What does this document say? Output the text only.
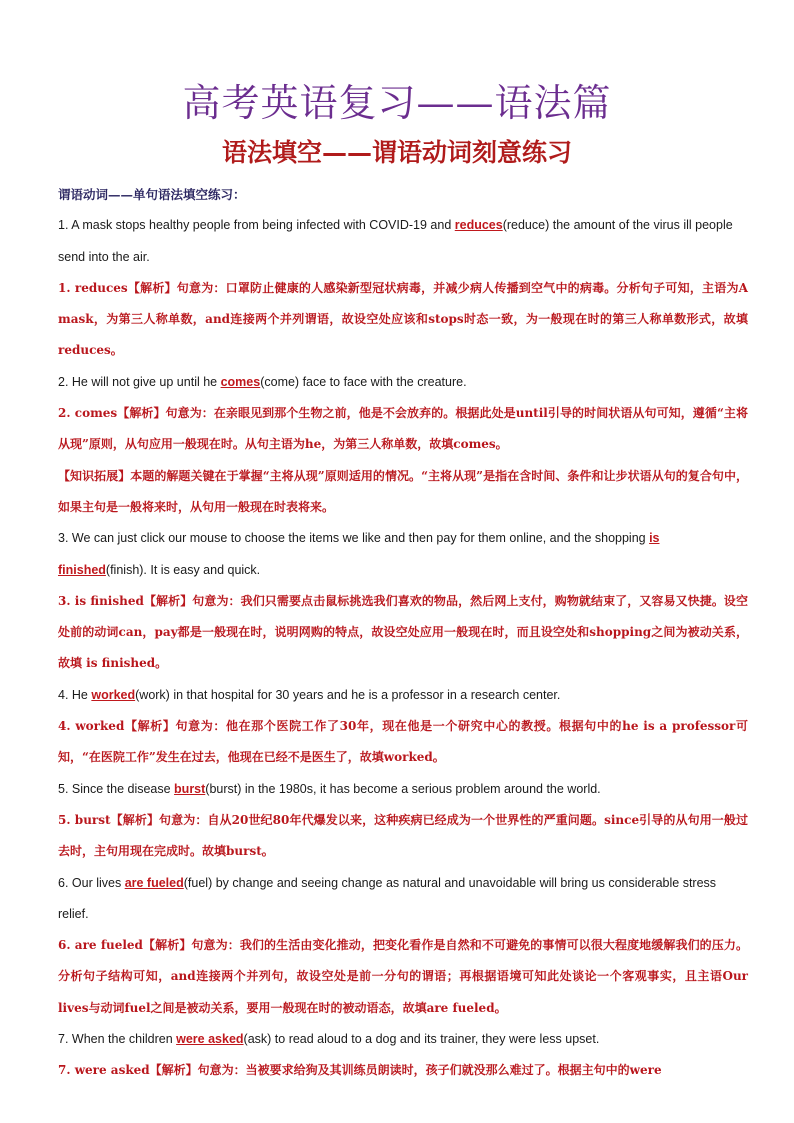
高考英语复习——语法篇
语法填空——谓语动词刻意练习

谓语动词——单句语法填空练习：

1. A mask stops healthy people from being infected with COVID-19 and reduces(reduce) the amount of the virus ill people send into the air.

1. reduces【解析】句意为：口罩防止健康的人感染新型冠状病毒，并减少病人传播到空气中的病毒。分析句子可知，主语为A mask，为第三人称单数，and连接两个并列谓语，故设空处应该和stops时态一致，为一般现在时的第三人称单数形式，故填reduces。

2. He will not give up until he comes(come) face to face with the creature.

2. comes【解析】句意为：在亲眼见到那个生物之前，他是不会放弃的。根据此处是until引导的时间状语从句可知，遵循“主将从现”原则，从句应用一般现在时。从句主语为he，为第三人称单数，故填comes。

【知识拓展】本题的解题关键在于掌握“主将从现”原则适用的情况。“主将从现”是指在含时间、条件和让步状语从句的复合句中，如果主句是一般将来时，从句用一般现在时表将来。

3. We can just click our mouse to choose the items we like and then pay for them online, and the shopping is finished(finish). It is easy and quick.

3. is finished【解析】句意为：我们只需要点击鼠标挑选我们喜欢的物品，然后网上支付，购物就结束了，又容易又快捷。设空处前的动词can，pay都是一般现在时，说明网购的特点，故设空处应用一般现在时，而且设空处和shopping之间为被动关系，故填 is finished。

4. He worked(work) in that hospital for 30 years and he is a professor in a research center.

4. worked【解析】句意为：他在那个医院工作了30年，现在他是一个研究中心的教授。根据句中的he is a professor可知，“在医院工作”发生在过去，他现在已经不是医生了，故填worked。

5. Since the disease burst(burst) in the 1980s, it has become a serious problem around the world.

5. burst【解析】句意为：自从20世纪80年代爆发以来，这种疾病已经成为一个世界性的严重问题。since引导的从句用一般过去时，主句用现在完成时。故填burst。

6. Our lives are fueled(fuel) by change and seeing change as natural and unavoidable will bring us considerable stress relief.

6. are fueled【解析】句意为：我们的生活由变化推动，把变化看作是自然和不可避免的事情可以很大程度地缓解我们的压力。分析句子结构可知，and连接两个并列句，故设空处是前一分句的谓语；再根据语境可知此处谈论一个客观事实，且主语Our lives与动词fuel之间是被动关系，要用一般现在时的被动语态，故填are fueled。

7. When the children were asked(ask) to read aloud to a dog and its trainer, they were less upset.

7. were asked【解析】句意为：当被要求给狗及其训练员朗读时，孩子们就没那么难过了。根据主句中的were
